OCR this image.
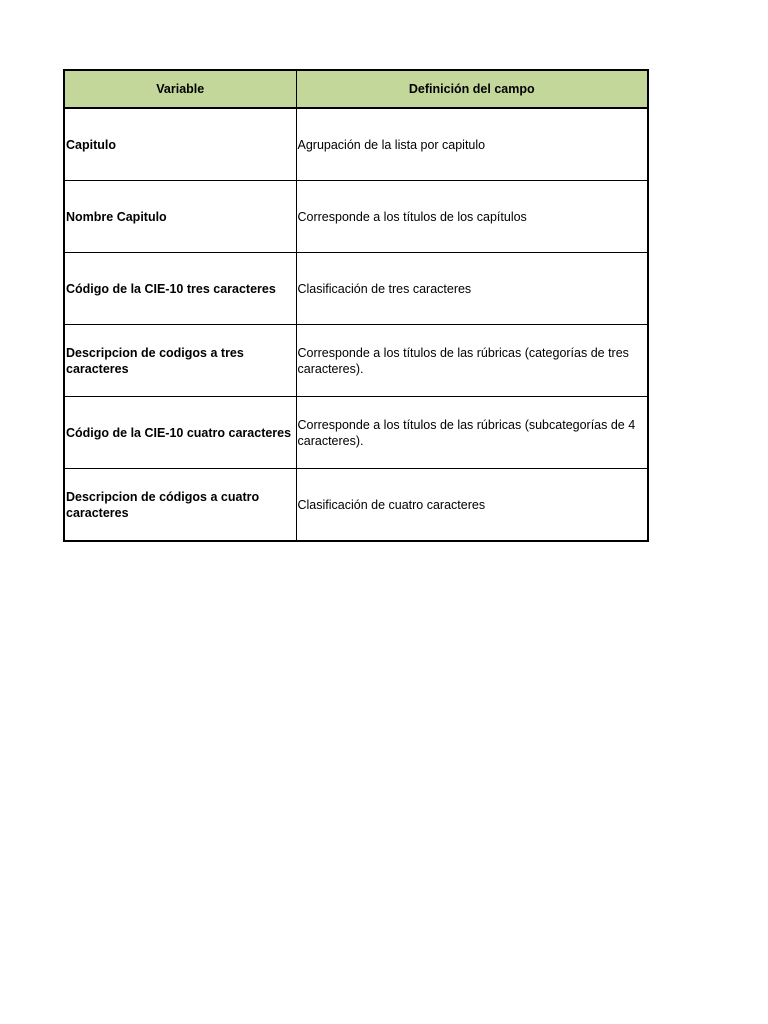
Variable	Definición del campo
Capitulo	Agrupación de la lista por capitulo
Nombre Capitulo	Corresponde a los títulos de los capítulos
Código de la CIE-10 tres caracteres	Clasificación de tres caracteres
Descripcion de codigos a tres caracteres	Corresponde a los títulos de las rúbricas (categorías de tres caracteres).
Código de la CIE-10 cuatro caracteres	Corresponde a los títulos de las rúbricas (subcategorías de 4 caracteres).
Descripcion de códigos a cuatro caracteres	Clasificación de cuatro caracteres
